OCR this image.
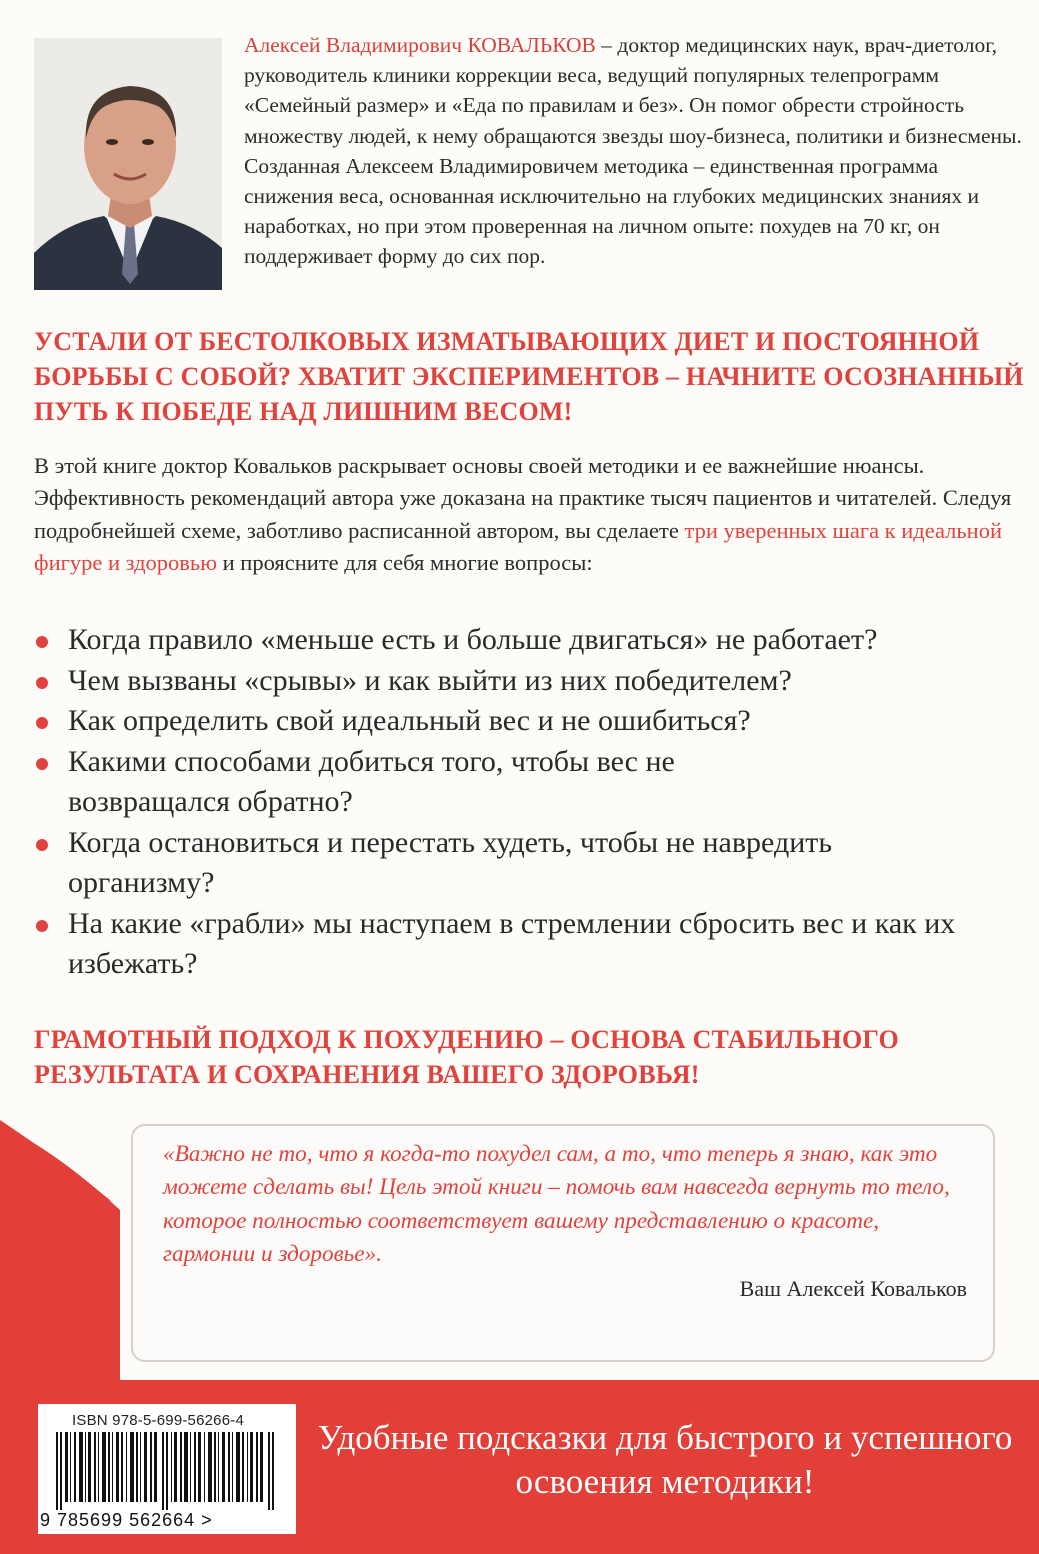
Алексей Владимирович КОВАЛЬКОВ – доктор медицинских наук, врач-диетолог, руководитель клиники коррекции веса, ведущий популярных телепрограмм «Семейный размер» и «Еда по правилам и без». Он помог обрести стройность множеству людей, к нему обращаются звезды шоу-бизнеса, политики и бизнесмены. Созданная Алексеем Владимировичем методика – единственная программа снижения веса, основанная исключительно на глубоких медицинских знаниях и наработках, но при этом проверенная на личном опыте: похудев на 70 кг, он поддерживает форму до сих пор.
УСТАЛИ ОТ БЕСТОЛКОВЫХ ИЗМАТЫВАЮЩИХ ДИЕТ И ПОСТОЯННОЙ БОРЬБЫ С СОБОЙ? ХВАТИТ ЭКСПЕРИМЕНТОВ – НАЧНИТЕ ОСОЗНАННЫЙ ПУТЬ К ПОБЕДЕ НАД ЛИШНИМ ВЕСОМ!
В этой книге доктор Ковальков раскрывает основы своей методики и ее важнейшие нюансы. Эффективность рекомендаций автора уже доказана на практике тысяч пациентов и читателей. Следуя подробнейшей схеме, заботливо расписанной автором, вы сделаете три уверенных шага к идеальной фигуре и здоровью и проясните для себя многие вопросы:
Когда правило «меньше есть и больше двигаться» не работает?
Чем вызваны «срывы» и как выйти из них победителем?
Как определить свой идеальный вес и не ошибиться?
Какими способами добиться того, чтобы вес не возвращался обратно?
Когда остановиться и перестать худеть, чтобы не навредить организму?
На какие «грабли» мы наступаем в стремлении сбросить вес и как их избежать?
ГРАМОТНЫЙ ПОДХОД К ПОХУДЕНИЮ – ОСНОВА СТАБИЛЬНОГО РЕЗУЛЬТАТА И СОХРАНЕНИЯ ВАШЕГО ЗДОРОВЬЯ!
«Важно не то, что я когда-то похудел сам, а то, что теперь я знаю, как это можете сделать вы! Цель этой книги – помочь вам навсегда вернуть то тело, которое полностью соответствует вашему представлению о красоте, гармонии и здоровье».
Ваш Алексей Ковальков
ISBN 978-5-699-56266-4
9 785699 562664 >
Удобные подсказки для быстрого и успешного освоения методики!
